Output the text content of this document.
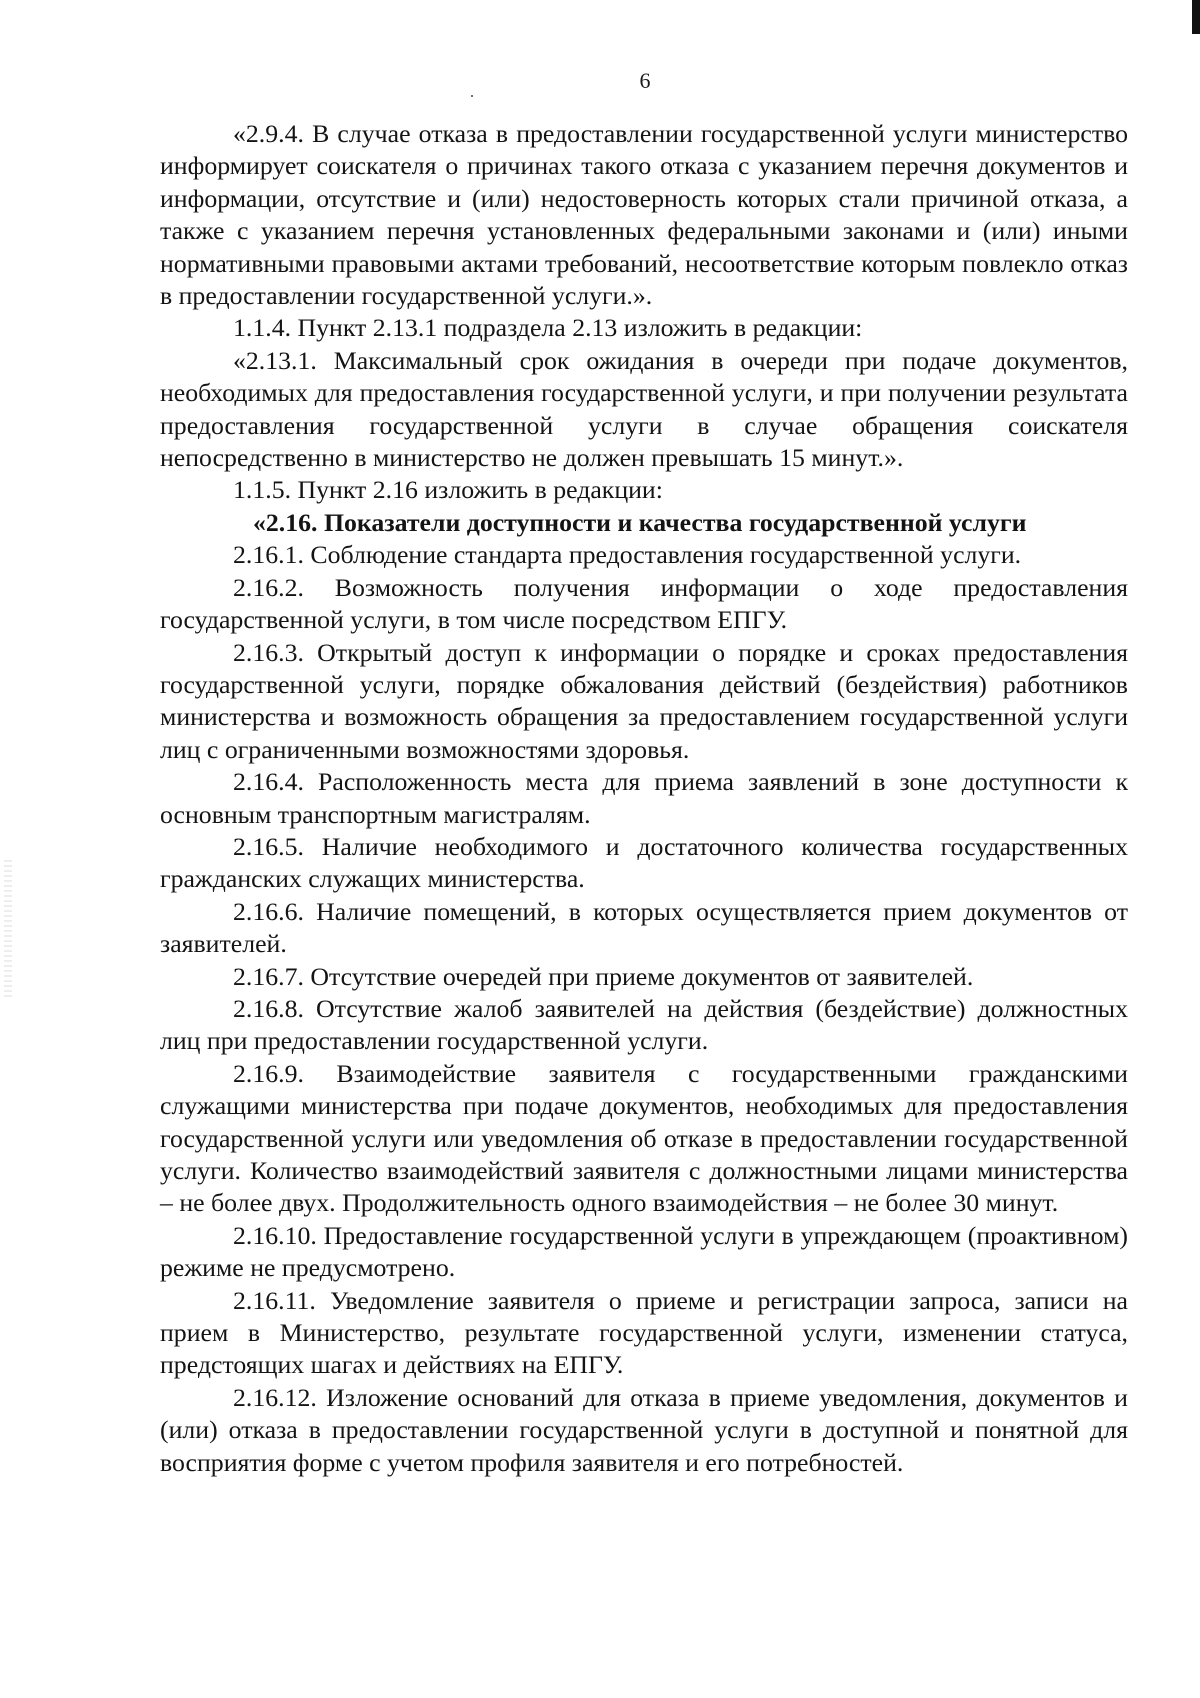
6

«2.9.4. В случае отказа в предоставлении государственной услуги министерство информирует соискателя о причинах такого отказа с указанием перечня документов и информации, отсутствие и (или) недостоверность которых стали причиной отказа, а также с указанием перечня установленных федеральными законами и (или) иными нормативными правовыми актами требований, несоответствие которым повлекло отказ в предоставлении государственной услуги.».

1.1.4. Пункт 2.13.1 подраздела 2.13 изложить в редакции:

«2.13.1. Максимальный срок ожидания в очереди при подаче документов, необходимых для предоставления государственной услуги, и при получении результата предоставления государственной услуги в случае обращения соискателя непосредственно в министерство не должен превышать 15 минут.».

1.1.5. Пункт 2.16 изложить в редакции:

«2.16. Показатели доступности и качества государственной услуги

2.16.1. Соблюдение стандарта предоставления государственной услуги.

2.16.2. Возможность получения информации о ходе предоставления государственной услуги, в том числе посредством ЕПГУ.

2.16.3. Открытый доступ к информации о порядке и сроках предоставления государственной услуги, порядке обжалования действий (бездействия) работников министерства и возможность обращения за предоставлением государственной услуги лиц с ограниченными возможностями здоровья.

2.16.4. Расположенность места для приема заявлений в зоне доступности к основным транспортным магистралям.

2.16.5. Наличие необходимого и достаточного количества государственных гражданских служащих министерства.

2.16.6. Наличие помещений, в которых осуществляется прием документов от заявителей.

2.16.7. Отсутствие очередей при приеме документов от заявителей.

2.16.8. Отсутствие жалоб заявителей на действия (бездействие) должностных лиц при предоставлении государственной услуги.

2.16.9. Взаимодействие заявителя с государственными гражданскими служащими министерства при подаче документов, необходимых для предоставления государственной услуги или уведомления об отказе в предоставлении государственной услуги. Количество взаимодействий заявителя с должностными лицами министерства – не более двух. Продолжительность одного взаимодействия – не более 30 минут.

2.16.10. Предоставление государственной услуги в упреждающем (проактивном) режиме не предусмотрено.

2.16.11. Уведомление заявителя о приеме и регистрации запроса, записи на прием в Министерство, результате государственной услуги, изменении статуса, предстоящих шагах и действиях на ЕПГУ.

2.16.12. Изложение оснований для отказа в приеме уведомления, документов и (или) отказа в предоставлении государственной услуги в доступной и понятной для восприятия форме с учетом профиля заявителя и его потребностей.
